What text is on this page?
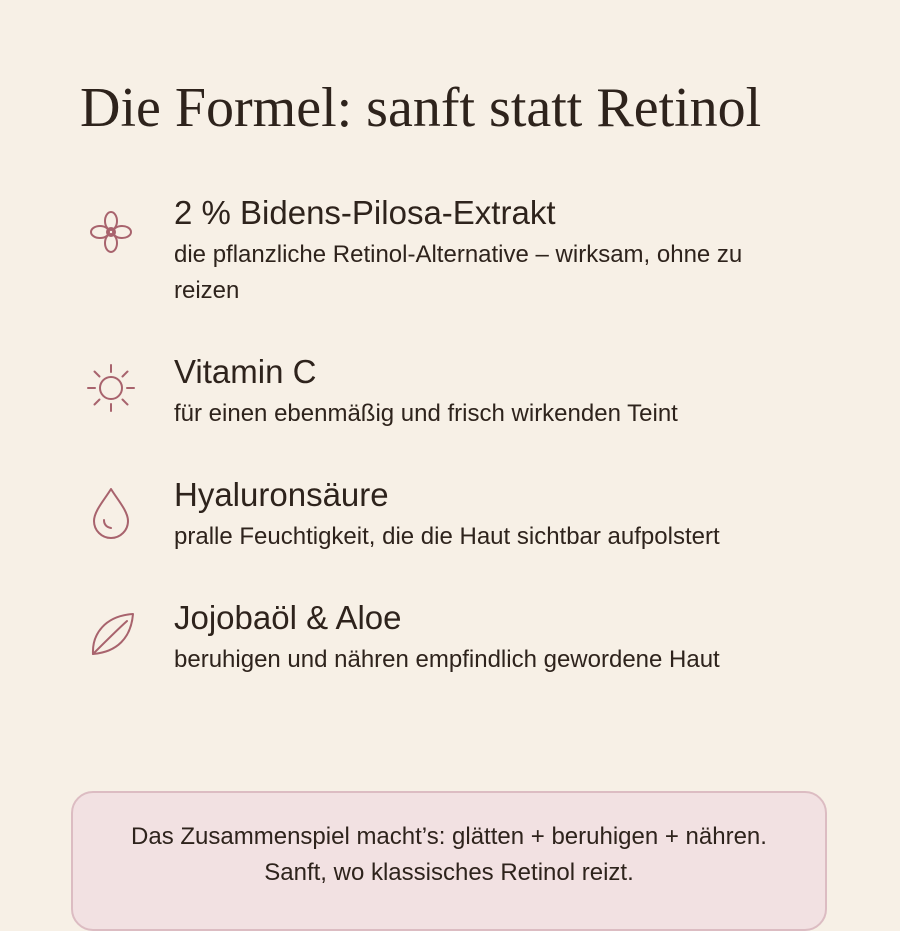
Die Formel: sanft statt Retinol
2 % Bidens-Pilosa-Extrakt

die pflanzliche Retinol-Alternative – wirksam, ohne zu reizen

Vitamin C

für einen ebenmäßig und frisch wirkenden Teint

Hyaluronsäure

pralle Feuchtigkeit, die die Haut sichtbar aufpolstert

Jojobaöl & Aloe

beruhigen und nähren empfindlich gewordene Haut

Das Zusammenspiel macht’s: glätten + beruhigen + nähren.

Sanft, wo klassisches Retinol reizt.
